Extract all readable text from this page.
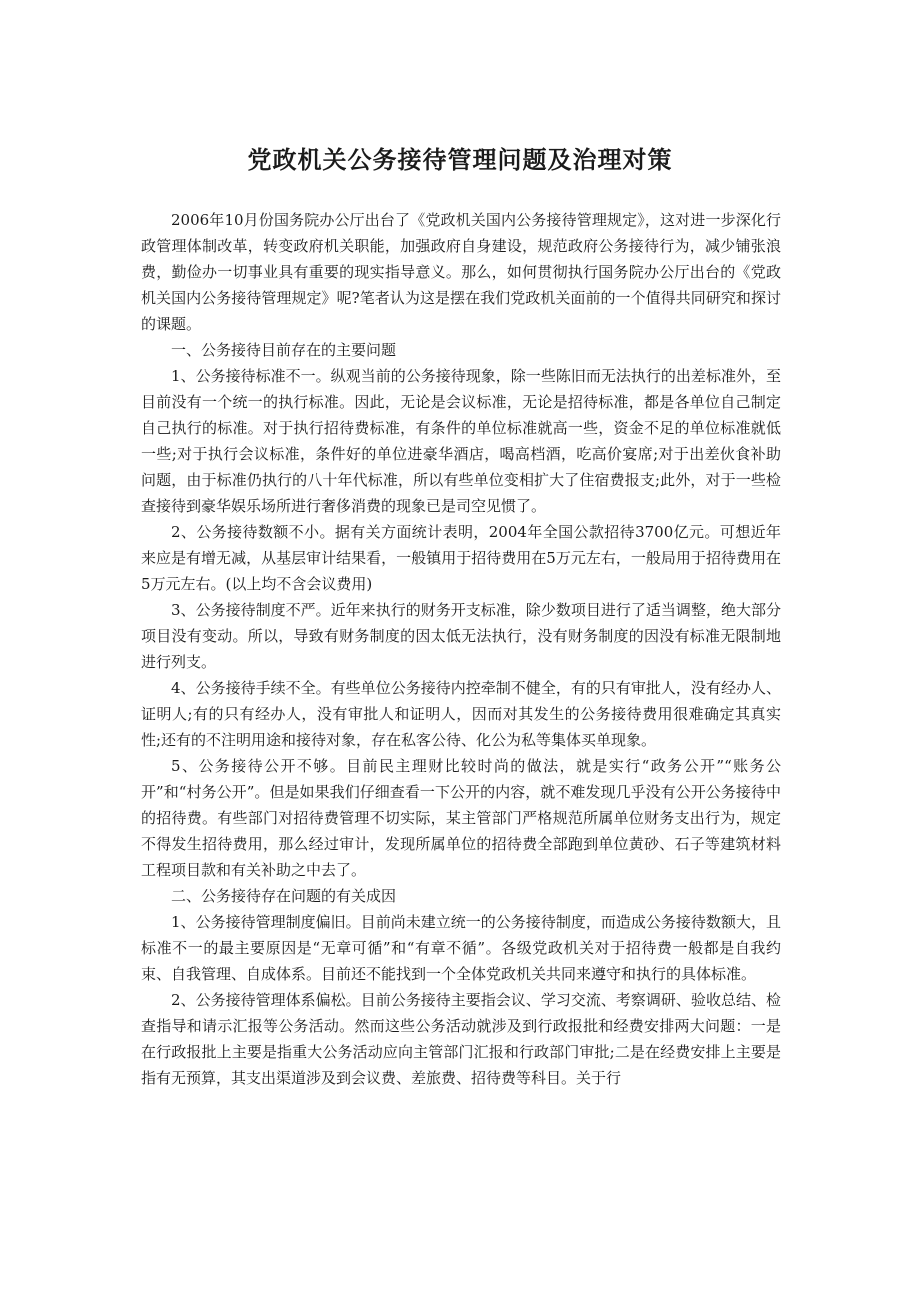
党政机关公务接待管理问题及治理对策

2006年10月份国务院办公厅出台了《党政机关国内公务接待管理规定》，这对进一步深化行政管理体制改革，转变政府机关职能，加强政府自身建设，规范政府公务接待行为，减少铺张浪费，勤俭办一切事业具有重要的现实指导意义。那么，如何贯彻执行国务院办公厅出台的《党政机关国内公务接待管理规定》呢?笔者认为这是摆在我们党政机关面前的一个值得共同研究和探讨的课题。

一、公务接待目前存在的主要问题

1、公务接待标准不一。纵观当前的公务接待现象，除一些陈旧而无法执行的出差标准外，至目前没有一个统一的执行标准。因此，无论是会议标准，无论是招待标准，都是各单位自己制定自己执行的标准。对于执行招待费标准，有条件的单位标准就高一些，资金不足的单位标准就低一些;对于执行会议标准，条件好的单位进豪华酒店，喝高档酒，吃高价宴席;对于出差伙食补助问题，由于标准仍执行的八十年代标准，所以有些单位变相扩大了住宿费报支;此外，对于一些检查接待到豪华娱乐场所进行奢侈消费的现象已是司空见惯了。

2、公务接待数额不小。据有关方面统计表明，2004年全国公款招待3700亿元。可想近年来应是有增无减，从基层审计结果看，一般镇用于招待费用在5万元左右，一般局用于招待费用在5万元左右。(以上均不含会议费用)

3、公务接待制度不严。近年来执行的财务开支标准，除少数项目进行了适当调整，绝大部分项目没有变动。所以，导致有财务制度的因太低无法执行，没有财务制度的因没有标准无限制地进行列支。

4、公务接待手续不全。有些单位公务接待内控牵制不健全，有的只有审批人，没有经办人、证明人;有的只有经办人，没有审批人和证明人，因而对其发生的公务接待费用很难确定其真实性;还有的不注明用途和接待对象，存在私客公待、化公为私等集体买单现象。

5、公务接待公开不够。目前民主理财比较时尚的做法，就是实行“政务公开”“账务公开”和“村务公开”。但是如果我们仔细查看一下公开的内容，就不难发现几乎没有公开公务接待中的招待费。有些部门对招待费管理不切实际，某主管部门严格规范所属单位财务支出行为，规定不得发生招待费用，那么经过审计，发现所属单位的招待费全部跑到单位黄砂、石子等建筑材料工程项目款和有关补助之中去了。

二、公务接待存在问题的有关成因

1、公务接待管理制度偏旧。目前尚未建立统一的公务接待制度，而造成公务接待数额大，且标准不一的最主要原因是“无章可循”和“有章不循”。各级党政机关对于招待费一般都是自我约束、自我管理、自成体系。目前还不能找到一个全体党政机关共同来遵守和执行的具体标准。

2、公务接待管理体系偏松。目前公务接待主要指会议、学习交流、考察调研、验收总结、检查指导和请示汇报等公务活动。然而这些公务活动就涉及到行政报批和经费安排两大问题：一是在行政报批上主要是指重大公务活动应向主管部门汇报和行政部门审批;二是在经费安排上主要是指有无预算，其支出渠道涉及到会议费、差旅费、招待费等科目。关于行
